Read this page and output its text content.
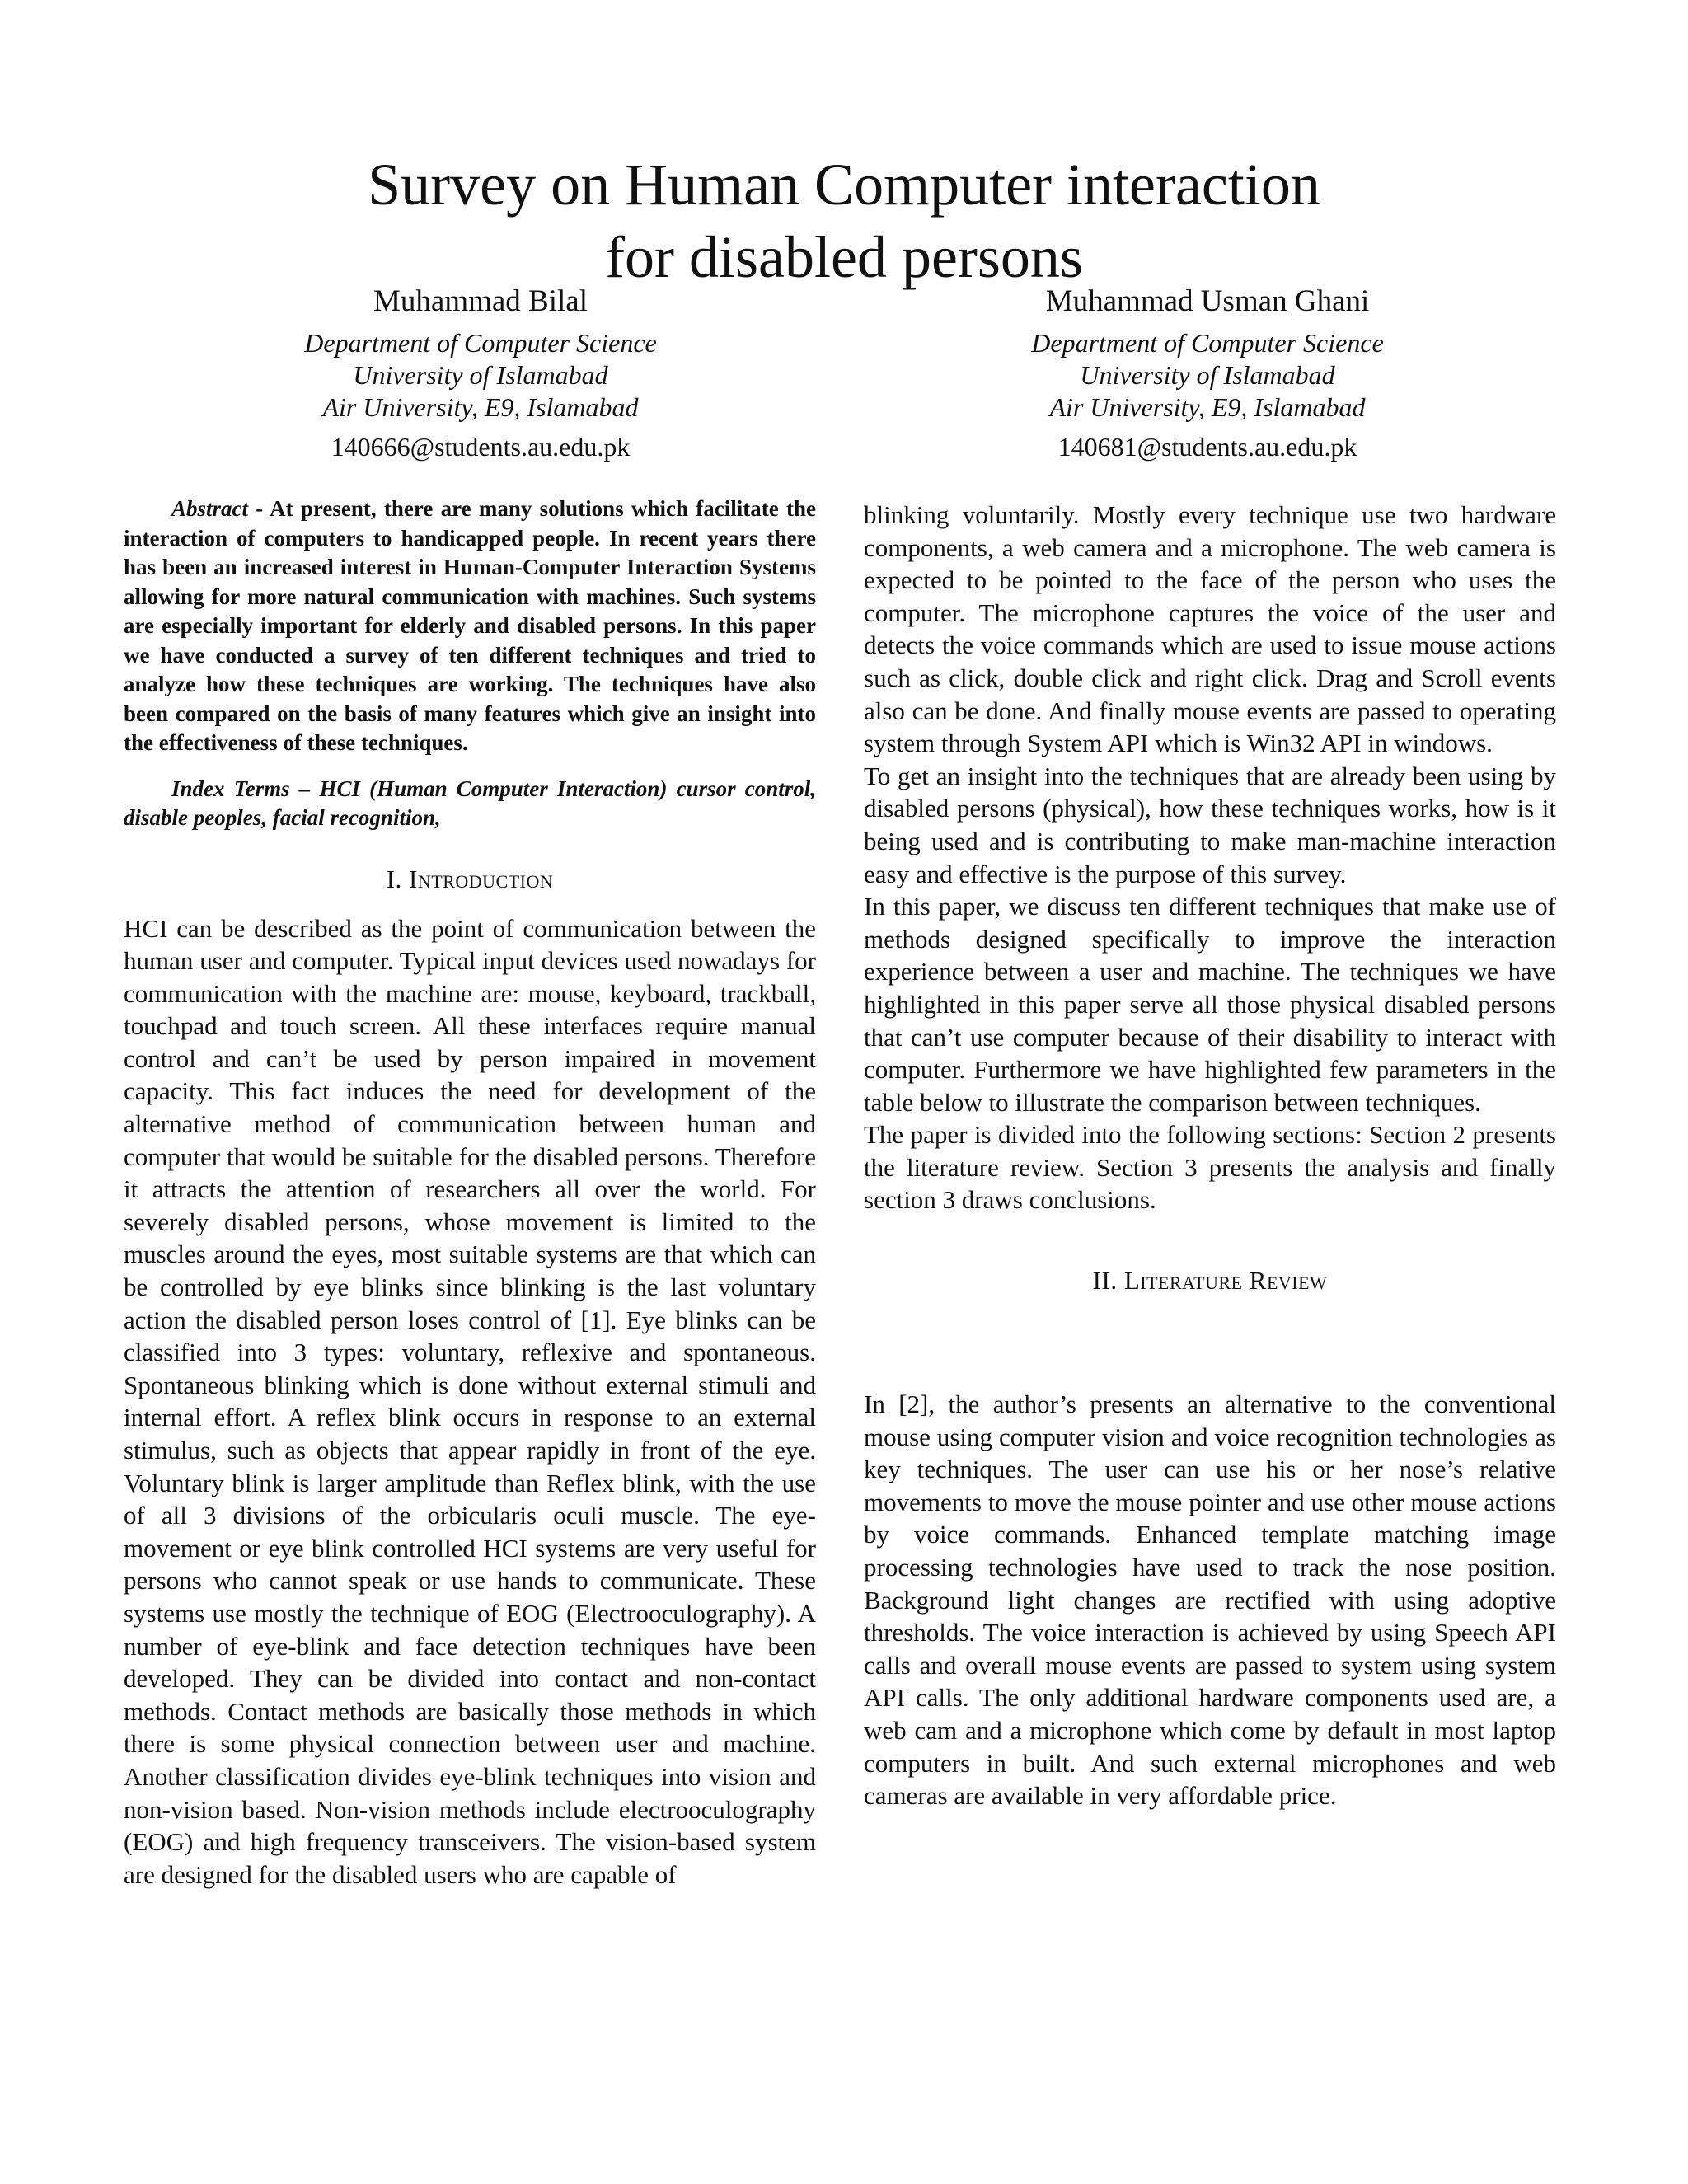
Survey on Human Computer interaction
for disabled persons
Muhammad Bilal
Department of Computer Science
University of Islamabad
Air University, E9, Islamabad
140666@students.au.edu.pk
Muhammad Usman Ghani
Department of Computer Science
University of Islamabad
Air University, E9, Islamabad
140681@students.au.edu.pk

Abstract - At present, there are many solutions which facilitate the interaction of computers to handicapped people. In recent years there has been an increased interest in Human-Computer Interaction Systems allowing for more natural communication with machines. Such systems are especially important for elderly and disabled persons. In this paper we have conducted a survey of ten different techniques and tried to analyze how these techniques are working. The techniques have also been compared on the basis of many features which give an insight into the effectiveness of these techniques.

Index Terms – HCI (Human Computer Interaction) cursor control, disable peoples, facial recognition,

I. Introduction

HCI can be described as the point of communication between the human user and computer. Typical input devices used nowadays for communication with the machine are: mouse, keyboard, trackball, touchpad and touch screen. All these interfaces require manual control and can’t be used by person impaired in movement capacity. This fact induces the need for development of the alternative method of communication between human and computer that would be suitable for the disabled persons. Therefore it attracts the attention of researchers all over the world. For severely disabled persons, whose movement is limited to the muscles around the eyes, most suitable systems are that which can be controlled by eye blinks since blinking is the last voluntary action the disabled person loses control of [1]. Eye blinks can be classified into 3 types: voluntary, reflexive and spontaneous. Spontaneous blinking which is done without external stimuli and internal effort. A reflex blink occurs in response to an external stimulus, such as objects that appear rapidly in front of the eye. Voluntary blink is larger amplitude than Reflex blink, with the use of all 3 divisions of the orbicularis oculi muscle. The eye-movement or eye blink controlled HCI systems are very useful for persons who cannot speak or use hands to communicate. These systems use mostly the technique of EOG (Electrooculography). A number of eye-blink and face detection techniques have been developed. They can be divided into contact and non-contact methods. Contact methods are basically those methods in which there is some physical connection between user and machine. Another classification divides eye-blink techniques into vision and non-vision based. Non-vision methods include electrooculography (EOG) and high frequency transceivers. The vision-based system are designed for the disabled users who are capable of

blinking voluntarily. Mostly every technique use two hardware components, a web camera and a microphone. The web camera is expected to be pointed to the face of the person who uses the computer. The microphone captures the voice of the user and detects the voice commands which are used to issue mouse actions such as click, double click and right click. Drag and Scroll events also can be done. And finally mouse events are passed to operating system through System API which is Win32 API in windows.

To get an insight into the techniques that are already been using by disabled persons (physical), how these techniques works, how is it being used and is contributing to make man-machine interaction easy and effective is the purpose of this survey.

In this paper, we discuss ten different techniques that make use of methods designed specifically to improve the interaction experience between a user and machine. The techniques we have highlighted in this paper serve all those physical disabled persons that can’t use computer because of their disability to interact with computer. Furthermore we have highlighted few parameters in the table below to illustrate the comparison between techniques.

The paper is divided into the following sections: Section 2 presents the literature review. Section 3 presents the analysis and finally section 3 draws conclusions.

II. Literature Review

In [2], the author’s presents an alternative to the conventional mouse using computer vision and voice recognition technologies as key techniques. The user can use his or her nose’s relative movements to move the mouse pointer and use other mouse actions by voice commands. Enhanced template matching image processing technologies have used to track the nose position. Background light changes are rectified with using adoptive thresholds. The voice interaction is achieved by using Speech API calls and overall mouse events are passed to system using system API calls. The only additional hardware components used are, a web cam and a microphone which come by default in most laptop computers in built. And such external microphones and web cameras are available in very affordable price.
